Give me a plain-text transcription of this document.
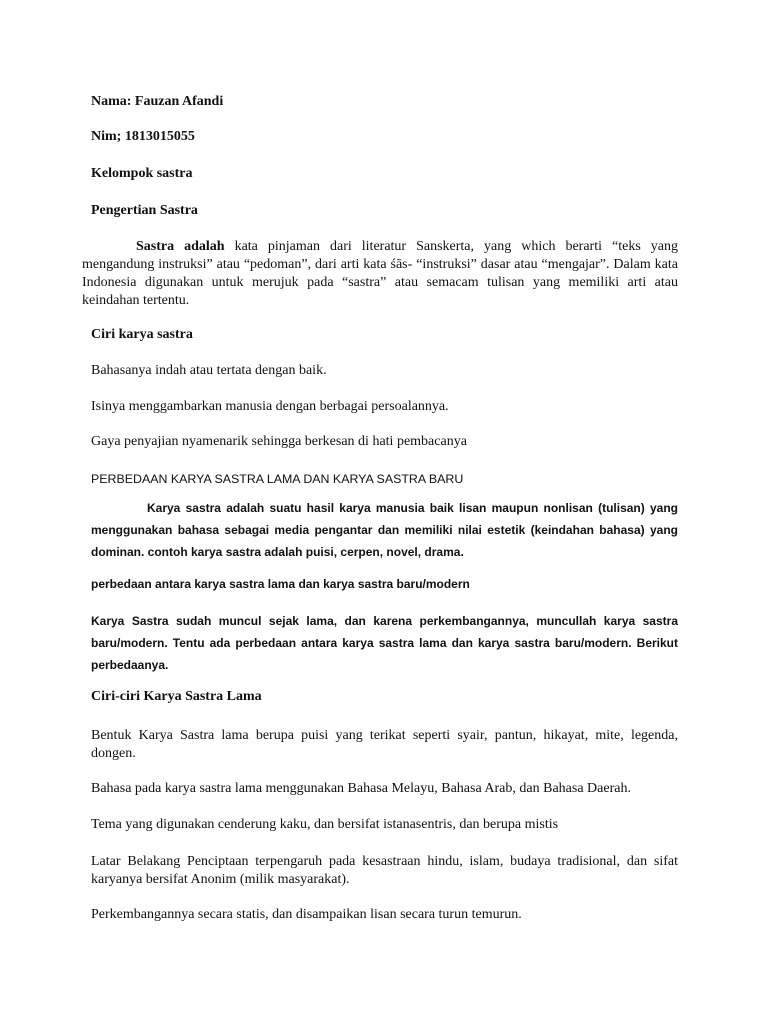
Nama: Fauzan Afandi
Nim; 1813015055
Kelompok sastra
Pengertian Sastra
Sastra adalah kata pinjaman dari literatur Sanskerta, yang which berarti “teks yang mengandung instruksi” atau “pedoman”, dari arti kata śās- “instruksi” dasar atau “mengajar”. Dalam kata Indonesia digunakan untuk merujuk pada “sastra” atau semacam tulisan yang memiliki arti atau keindahan tertentu.
Ciri karya sastra
Bahasanya indah atau tertata dengan baik.
Isinya menggambarkan manusia dengan berbagai persoalannya.
Gaya penyajian nyamenarik sehingga berkesan di hati pembacanya
PERBEDAAN KARYA SASTRA LAMA DAN KARYA SASTRA BARU
Karya sastra adalah suatu hasil karya manusia baik lisan maupun nonlisan (tulisan) yang menggunakan bahasa sebagai media pengantar dan memiliki nilai estetik (keindahan bahasa) yang dominan. contoh karya sastra adalah puisi, cerpen, novel, drama.
perbedaan antara karya sastra lama dan karya sastra baru/modern
Karya Sastra sudah muncul sejak lama, dan karena perkembangannya, muncullah karya sastra baru/modern. Tentu ada perbedaan antara karya sastra lama dan karya sastra baru/modern. Berikut perbedaanya.
Ciri-ciri Karya Sastra Lama
Bentuk Karya Sastra lama berupa puisi yang terikat seperti syair, pantun, hikayat, mite, legenda, dongen.
Bahasa pada karya sastra lama menggunakan Bahasa Melayu, Bahasa Arab, dan Bahasa Daerah.
Tema yang digunakan cenderung kaku, dan bersifat istanasentris, dan berupa mistis
Latar Belakang Penciptaan terpengaruh pada kesastraan hindu, islam, budaya tradisional, dan sifat karyanya bersifat Anonim (milik masyarakat).
Perkembangannya secara statis, dan disampaikan lisan secara turun temurun.
